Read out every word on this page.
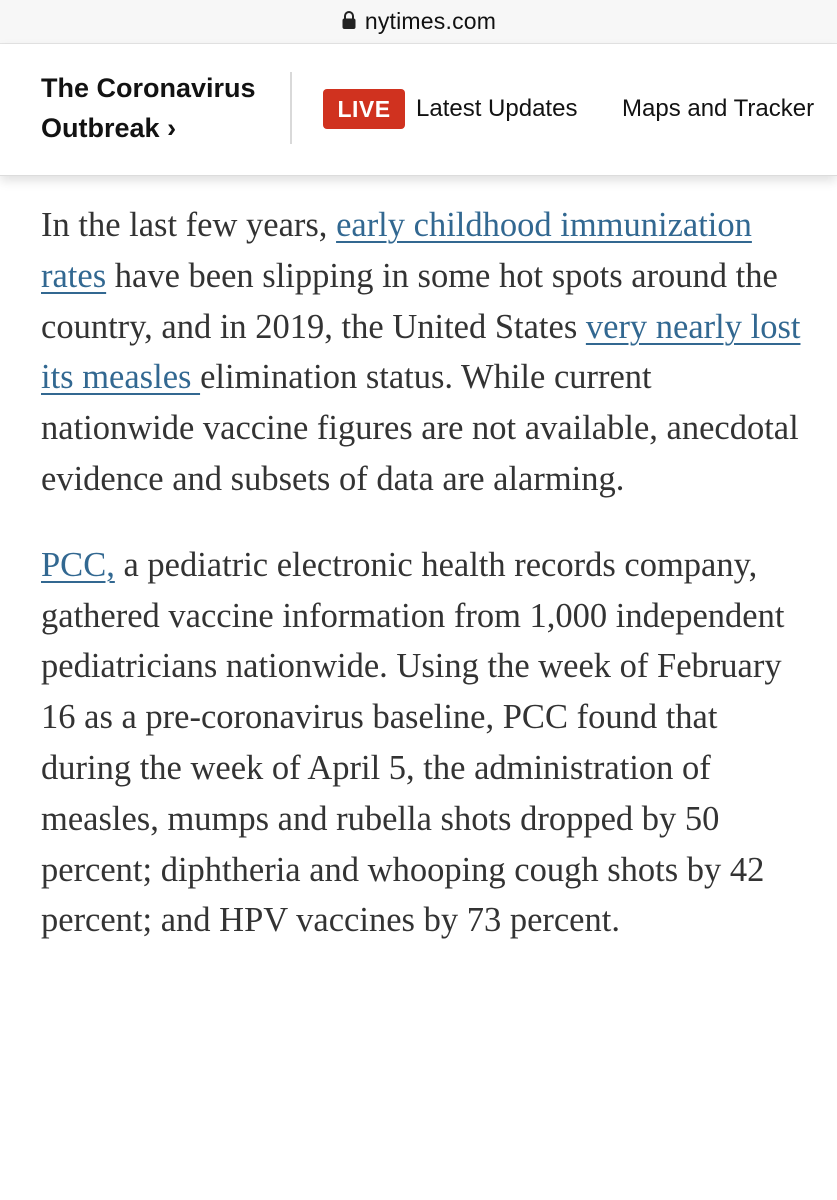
nytimes.com
The Coronavirus
Outbreak ›
LIVE	Latest Updates Maps and Tracker

In the last few years, early childhood immunization rates have been slipping in some hot spots around the country, and in 2019, the United States very nearly lost its measles elimination status. While current nationwide vaccine figures are not available, anecdotal evidence and subsets of data are alarming.

PCC, a pediatric electronic health records company, gathered vaccine information from 1,000 independent pediatricians nationwide. Using the week of February 16 as a pre-coronavirus baseline, PCC found that during the week of April 5, the administration of measles, mumps and rubella shots dropped by 50 percent; diphtheria and whooping cough shots by 42 percent; and HPV vaccines by 73 percent.
